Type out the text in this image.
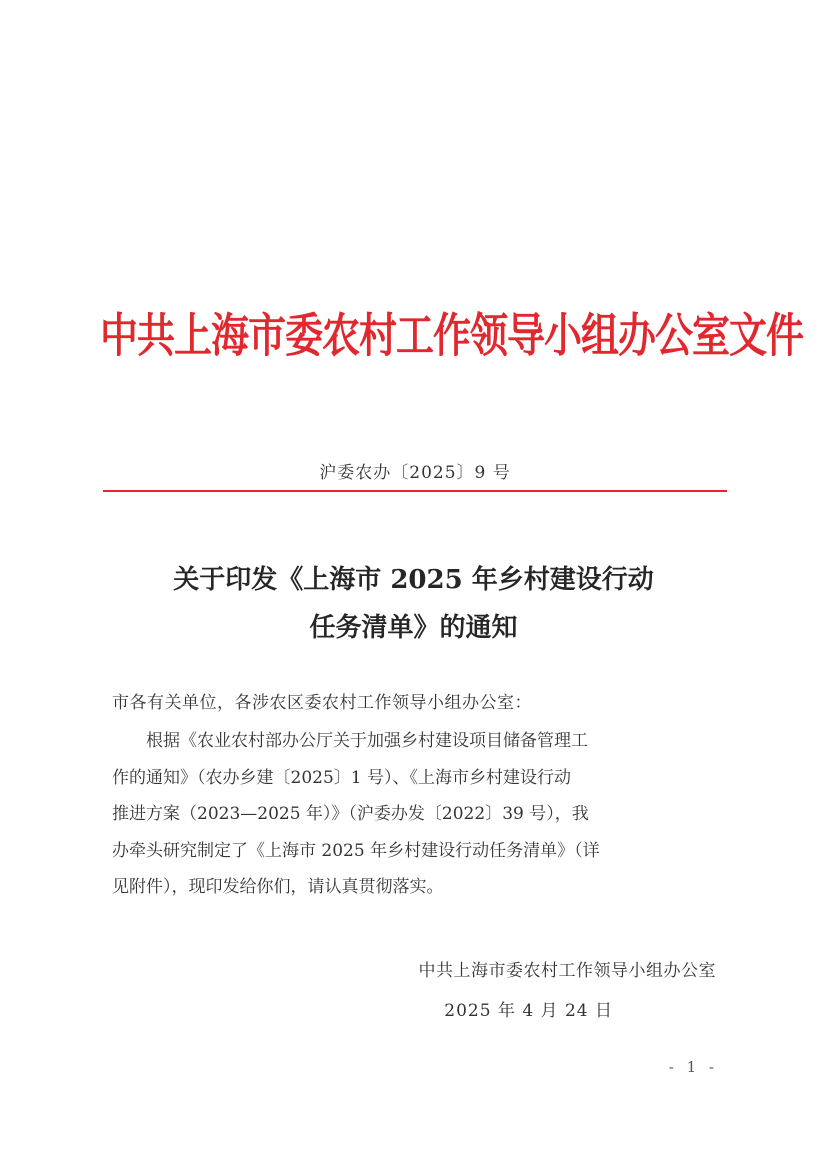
中共上海市委农村工作领导小组办公室文件
沪委农办〔2025〕9 号
关于印发《上海市 2025 年乡村建设行动
任务清单》的通知
市各有关单位，各涉农区委农村工作领导小组办公室：
根据《农业农村部办公厅关于加强乡村建设项目储备管理工
作的通知》（农办乡建〔2025〕1 号）、《上海市乡村建设行动
推进方案（2023—2025 年）》（沪委办发〔2022〕39 号），我
办牵头研究制定了《上海市 2025 年乡村建设行动任务清单》（详
见附件），现印发给你们，请认真贯彻落实。
中共上海市委农村工作领导小组办公室
2025 年 4 月 24 日
- 1 -
